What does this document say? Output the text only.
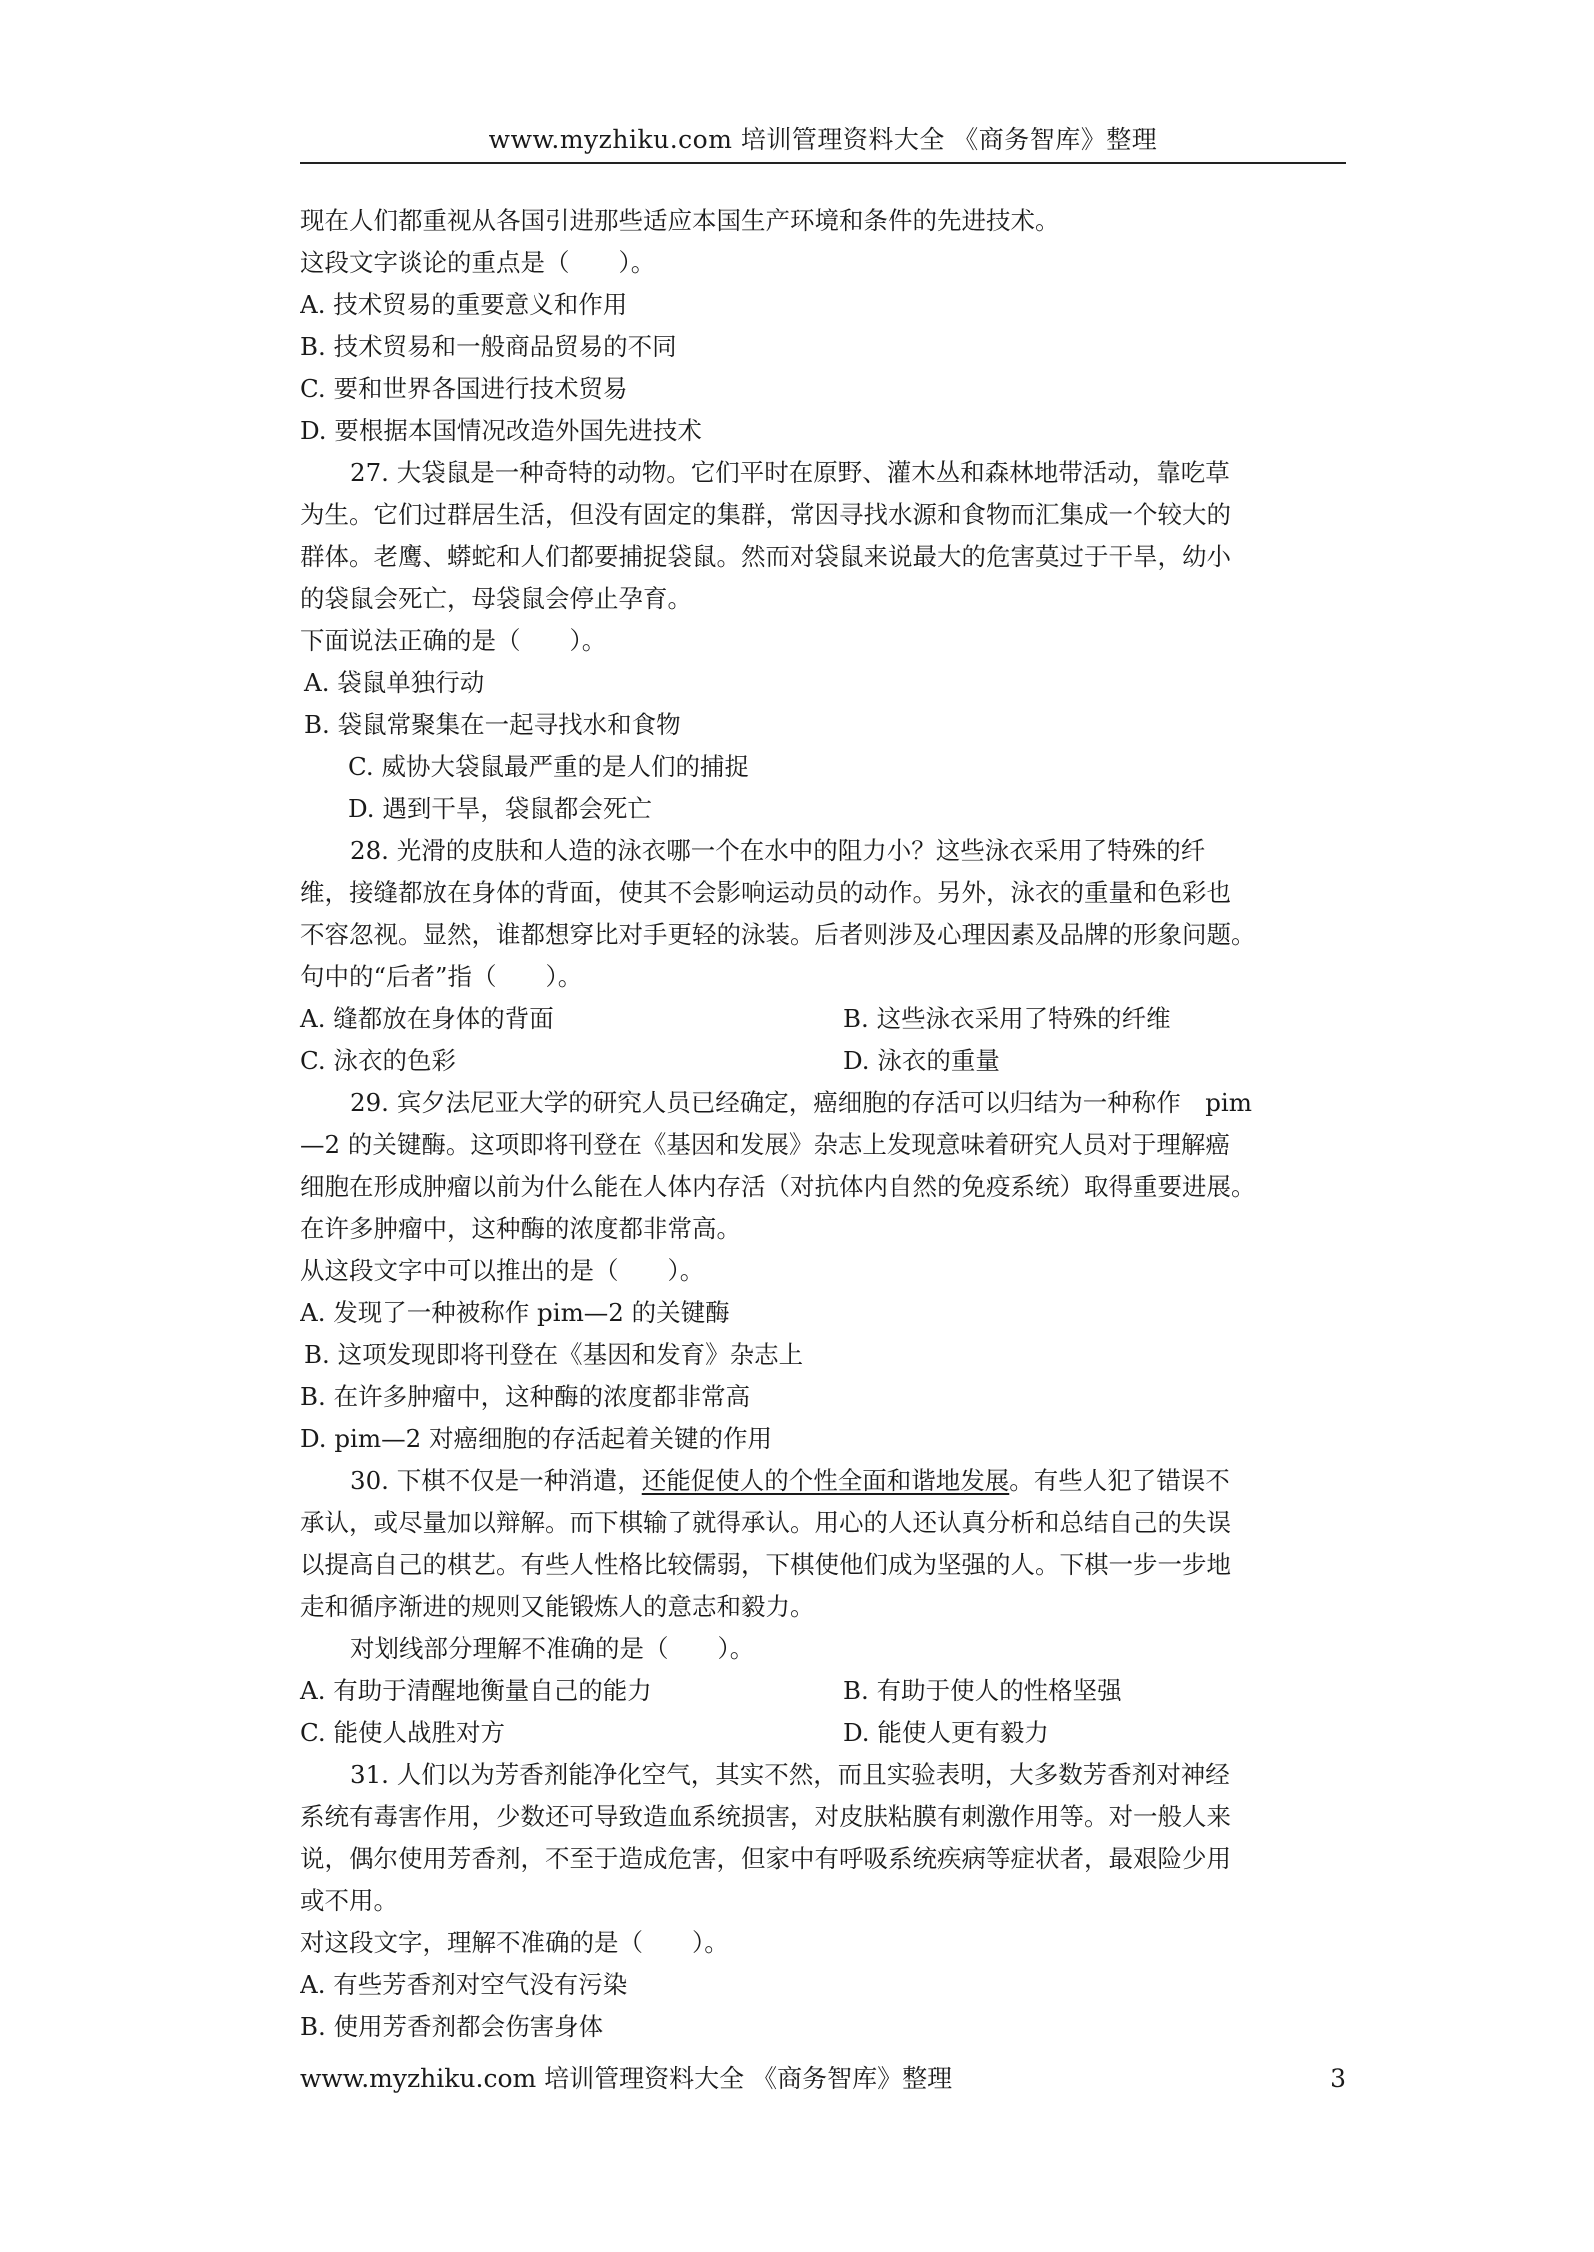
www.myzhiku.com 培训管理资料大全 《商务智库》整理
现在人们都重视从各国引进那些适应本国生产环境和条件的先进技术。
这段文字谈论的重点是（　　）。
A. 技术贸易的重要意义和作用
B. 技术贸易和一般商品贸易的不同
C. 要和世界各国进行技术贸易
D. 要根据本国情况改造外国先进技术
27. 大袋鼠是一种奇特的动物。它们平时在原野、灌木丛和森林地带活动，靠吃草
为生。它们过群居生活，但没有固定的集群，常因寻找水源和食物而汇集成一个较大的
群体。老鹰、蟒蛇和人们都要捕捉袋鼠。然而对袋鼠来说最大的危害莫过于干旱，幼小
的袋鼠会死亡，母袋鼠会停止孕育。
下面说法正确的是（　　）。
A. 袋鼠单独行动
B. 袋鼠常聚集在一起寻找水和食物
C. 威协大袋鼠最严重的是人们的捕捉
D. 遇到干旱，袋鼠都会死亡
28. 光滑的皮肤和人造的泳衣哪一个在水中的阻力小？这些泳衣采用了特殊的纤
维，接缝都放在身体的背面，使其不会影响运动员的动作。另外，泳衣的重量和色彩也
不容忽视。显然，谁都想穿比对手更轻的泳装。后者则涉及心理因素及品牌的形象问题。
句中的“后者”指（　　）。
A. 缝都放在身体的背面	B. 这些泳衣采用了特殊的纤维
C. 泳衣的色彩	D. 泳衣的重量
29. 宾夕法尼亚大学的研究人员已经确定，癌细胞的存活可以归结为一种称作　pim
—2 的关键酶。这项即将刊登在《基因和发展》杂志上发现意味着研究人员对于理解癌
细胞在形成肿瘤以前为什么能在人体内存活（对抗体内自然的免疫系统）取得重要进展。
在许多肿瘤中，这种酶的浓度都非常高。
从这段文字中可以推出的是（　　）。
A. 发现了一种被称作 pim—2 的关键酶
B. 这项发现即将刊登在《基因和发育》杂志上
B. 在许多肿瘤中，这种酶的浓度都非常高
D. pim—2 对癌细胞的存活起着关键的作用
30. 下棋不仅是一种消遣，还能促使人的个性全面和谐地发展。有些人犯了错误不
承认，或尽量加以辩解。而下棋输了就得承认。用心的人还认真分析和总结自己的失误
以提高自己的棋艺。有些人性格比较儒弱，下棋使他们成为坚强的人。下棋一步一步地
走和循序渐进的规则又能锻炼人的意志和毅力。
对划线部分理解不准确的是（　　）。
A. 有助于清醒地衡量自己的能力	B. 有助于使人的性格坚强
C. 能使人战胜对方	D. 能使人更有毅力
31. 人们以为芳香剂能净化空气，其实不然，而且实验表明，大多数芳香剂对神经
系统有毒害作用，少数还可导致造血系统损害，对皮肤粘膜有刺激作用等。对一般人来
说，偶尔使用芳香剂，不至于造成危害，但家中有呼吸系统疾病等症状者，最艰险少用
或不用。
对这段文字，理解不准确的是（　　）。
A. 有些芳香剂对空气没有污染
B. 使用芳香剂都会伤害身体
www.myzhiku.com 培训管理资料大全 《商务智库》整理	3
